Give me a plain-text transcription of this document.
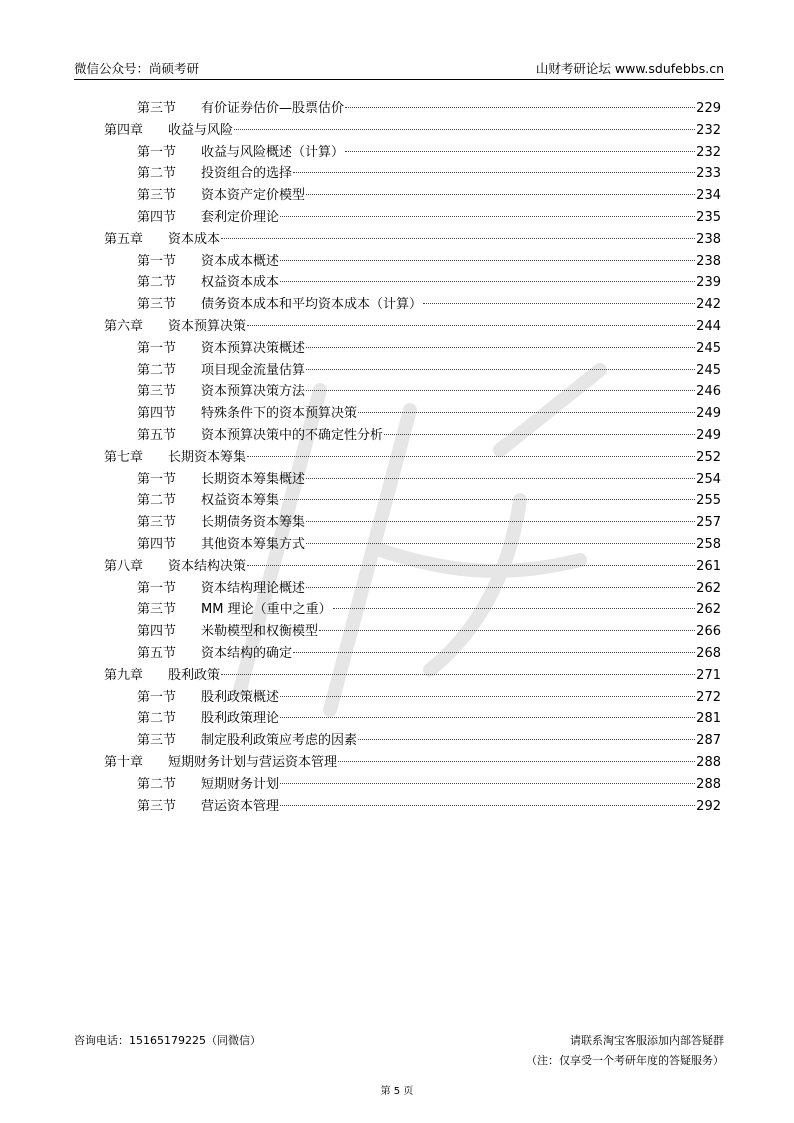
微信公众号：尚硕考研	山财考研论坛 www.sdufebbs.cn
第三节	有价证券估价—股票估价	229
第四章	收益与风险	232
第一节	收益与风险概述（计算）	232
第二节	投资组合的选择	233
第三节	资本资产定价模型	234
第四节	套利定价理论	235
第五章	资本成本	238
第一节	资本成本概述	238
第二节	权益资本成本	239
第三节	债务资本成本和平均资本成本（计算）	242
第六章	资本预算决策	244
第一节	资本预算决策概述	245
第二节	项目现金流量估算	245
第三节	资本预算决策方法	246
第四节	特殊条件下的资本预算决策	249
第五节	资本预算决策中的不确定性分析	249
第七章	长期资本筹集	252
第一节	长期资本筹集概述	254
第二节	权益资本筹集	255
第三节	长期债务资本筹集	257
第四节	其他资本筹集方式	258
第八章	资本结构决策	261
第一节	资本结构理论概述	262
第三节	MM 理论（重中之重）	262
第四节	米勒模型和权衡模型	266
第五节	资本结构的确定	268
第九章	股利政策	271
第一节	股利政策概述	272
第二节	股利政策理论	281
第三节	制定股利政策应考虑的因素	287
第十章	短期财务计划与营运资本管理	288
第二节	短期财务计划	288
第三节	营运资本管理	292
咨询电话：15165179225（同微信）	请联系淘宝客服添加内部答疑群
（注：仅享受一个考研年度的答疑服务）
第 5 页
